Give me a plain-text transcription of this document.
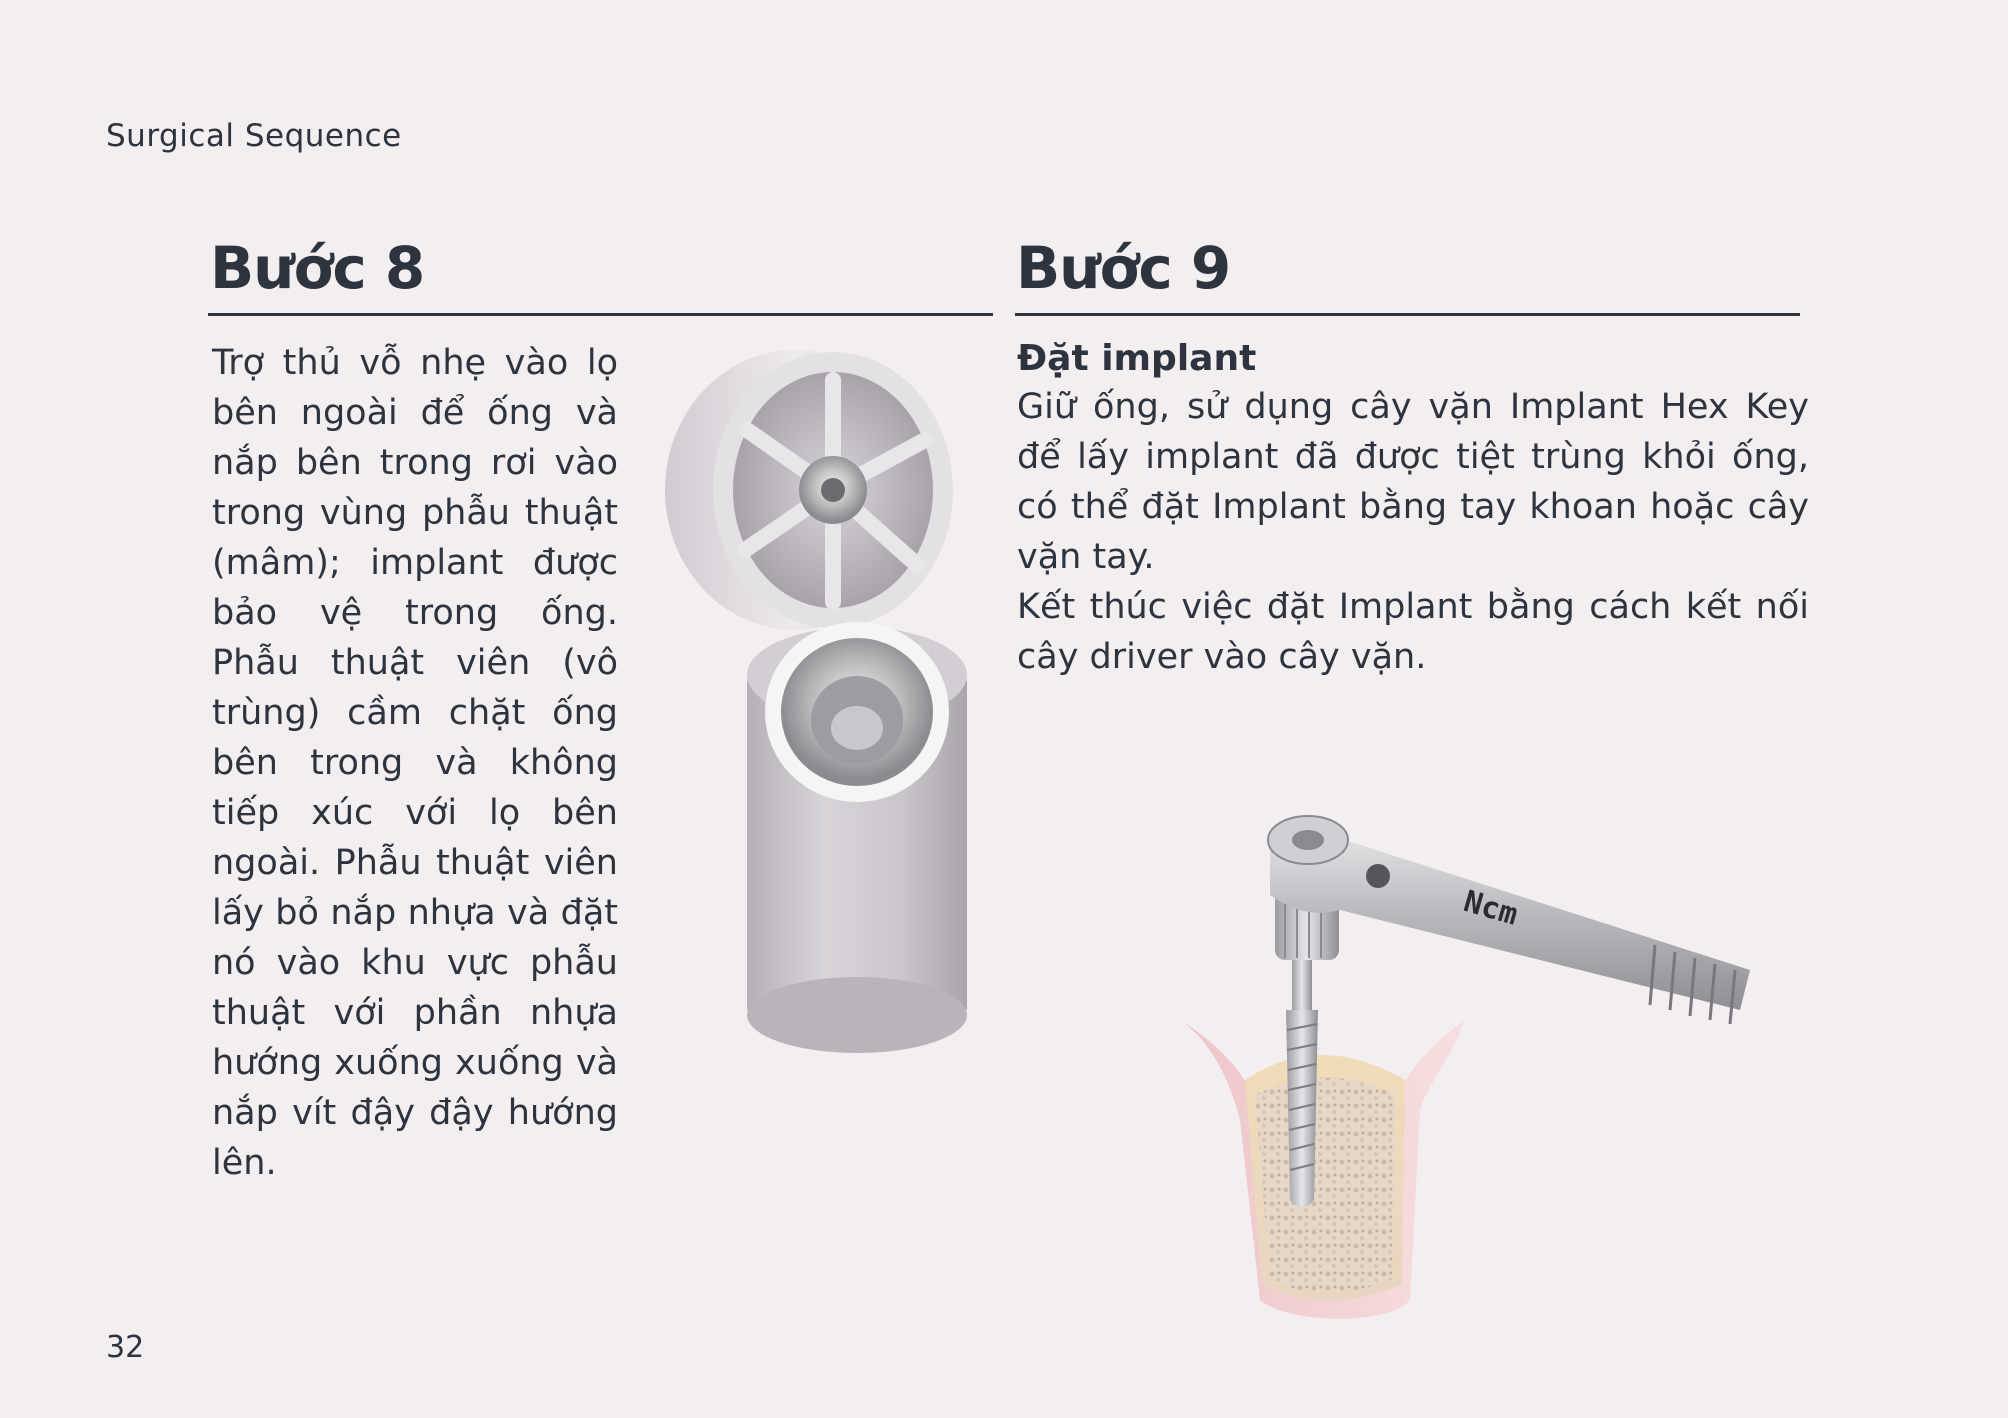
Surgical Sequence
Bước 8
Trợ thủ vỗ nhẹ vào lọ bên ngoài để ống và nắp bên trong rơi vào trong vùng phẫu thuật (mâm); implant được bảo vệ trong ống. Phẫu thuật viên (vô trùng) cầm chặt ống bên trong và không tiếp xúc với lọ bên ngoài. Phẫu thuật viên lấy bỏ nắp nhựa và đặt nó vào khu vực phẫu thuật với phần nhựa hướng xuống xuống và nắp vít đậy đậy hướng lên.
Bước 9
Đặt implant

Giữ ống, sử dụng cây vặn Implant Hex Key để lấy implant đã được tiệt trùng khỏi ống, có thể đặt Implant bằng tay khoan hoặc cây vặn tay.

Kết thúc việc đặt Implant bằng cách kết nối cây driver vào cây vặn.

Ncm
32
